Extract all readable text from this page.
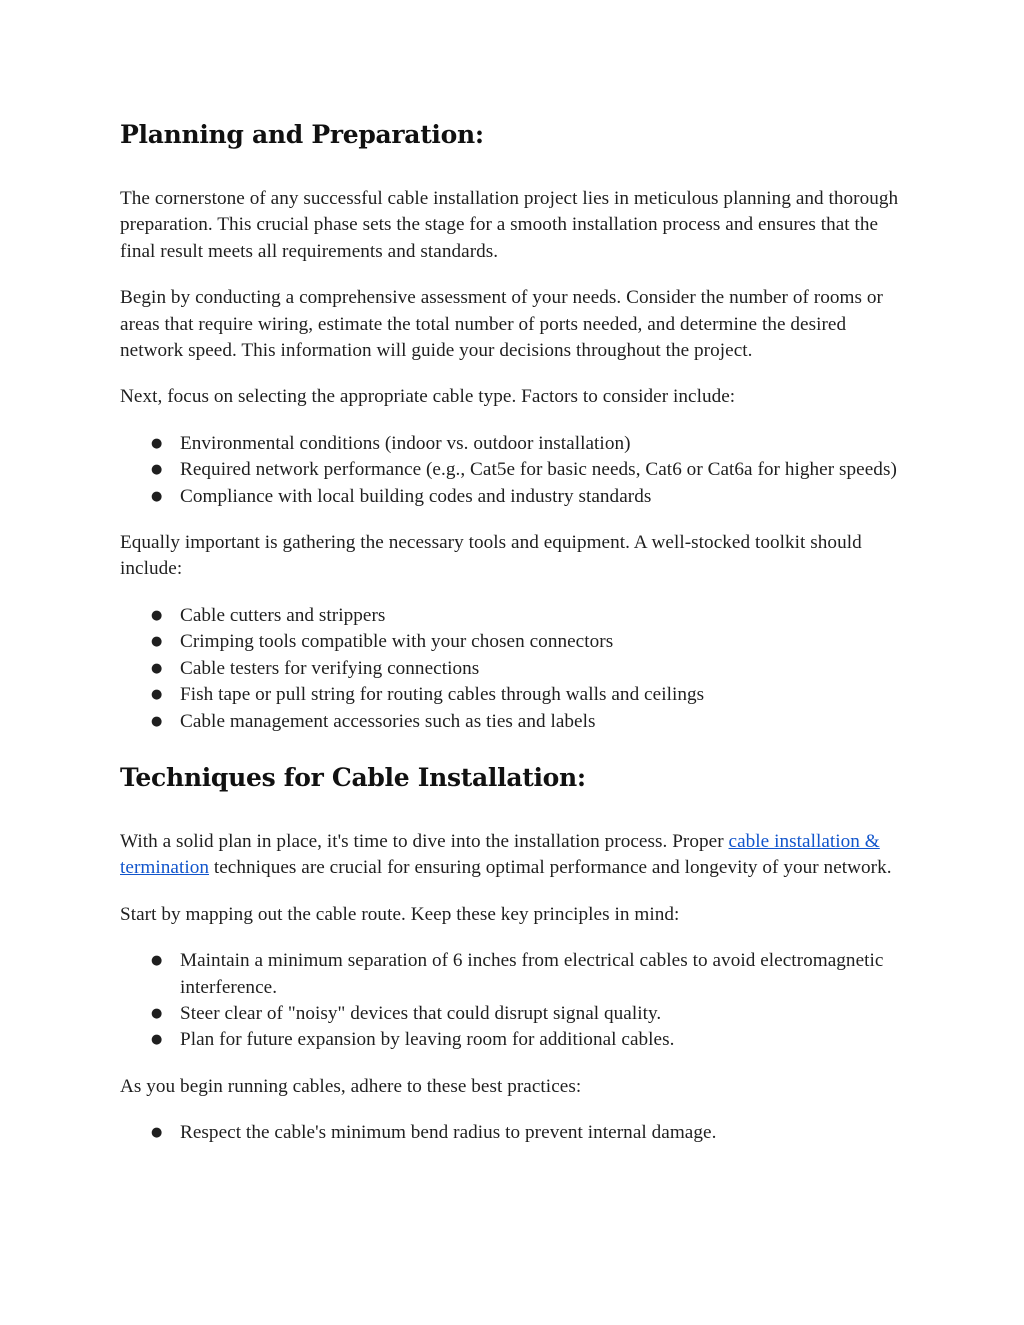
Planning and Preparation:

The cornerstone of any successful cable installation project lies in meticulous planning and thorough preparation. This crucial phase sets the stage for a smooth installation process and ensures that the final result meets all requirements and standards.

Begin by conducting a comprehensive assessment of your needs. Consider the number of rooms or areas that require wiring, estimate the total number of ports needed, and determine the desired network speed. This information will guide your decisions throughout the project.

Next, focus on selecting the appropriate cable type. Factors to consider include:

● Environmental conditions (indoor vs. outdoor installation)
● Required network performance (e.g., Cat5e for basic needs, Cat6 or Cat6a for higher speeds)
● Compliance with local building codes and industry standards

Equally important is gathering the necessary tools and equipment. A well-stocked toolkit should include:

● Cable cutters and strippers
● Crimping tools compatible with your chosen connectors
● Cable testers for verifying connections
● Fish tape or pull string for routing cables through walls and ceilings
● Cable management accessories such as ties and labels
Techniques for Cable Installation:

With a solid plan in place, it's time to dive into the installation process. Proper cable installation & termination techniques are crucial for ensuring optimal performance and longevity of your network.

Start by mapping out the cable route. Keep these key principles in mind:

● Maintain a minimum separation of 6 inches from electrical cables to avoid electromagnetic interference.
● Steer clear of "noisy" devices that could disrupt signal quality.
● Plan for future expansion by leaving room for additional cables.

As you begin running cables, adhere to these best practices:

● Respect the cable's minimum bend radius to prevent internal damage.
